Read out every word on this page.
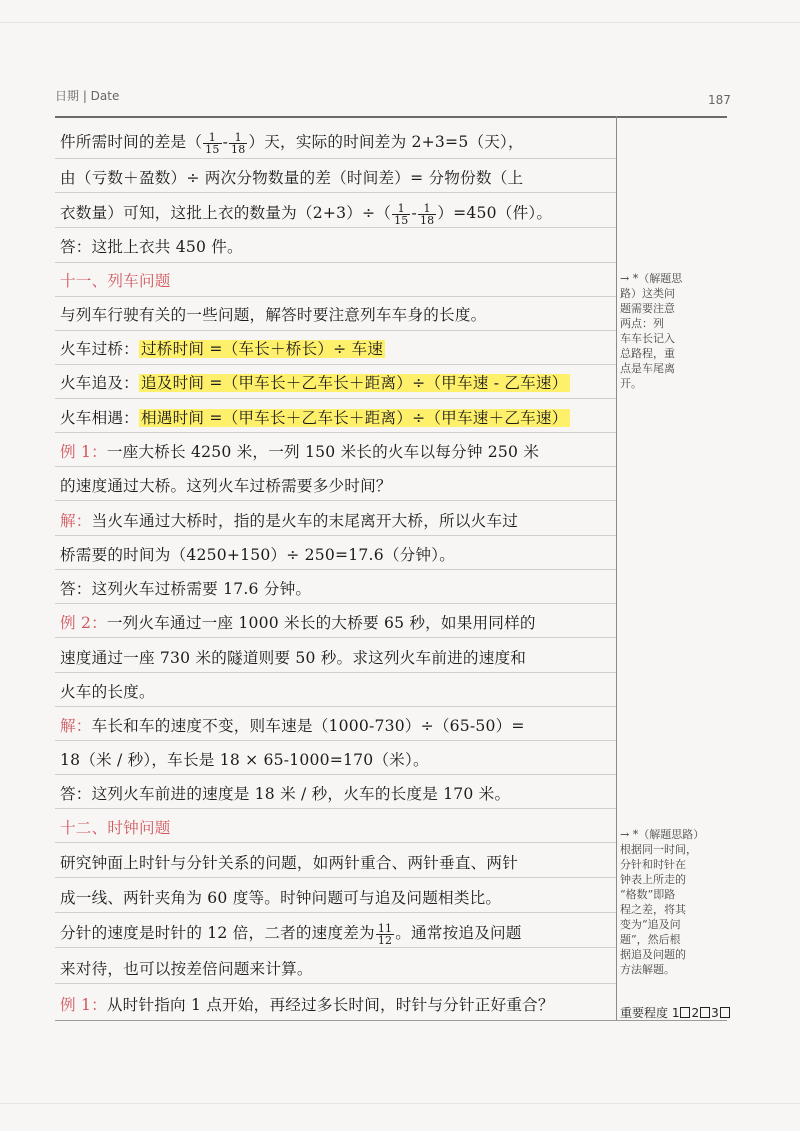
日期 | Date	187
件所需时间的差是（ $\frac{1}{15} - \frac{1}{18}$ ）天，实际的时间差为 2+3=5（天），
由（亏数＋盈数）÷ 两次分物数量的差（时间差）= 分物份数（上
衣数量）可知，这批上衣的数量为$(2+3)\div( \frac{1}{15} - \frac{1}{18} )=450$（件）。
答：这批上衣共 450 件。
十一、列车问题
与列车行驶有关的一些问题，解答时要注意列车车身的长度。
火车过桥： 过桥时间 =（车长＋桥长）÷ 车速
火车追及： 追及时间 =（甲车长＋乙车长＋距离）÷（甲车速 - 乙车速）
火车相遇： 相遇时间 =（甲车长＋乙车长＋距离）÷（甲车速＋乙车速）
例 1：一座大桥长 4250 米，一列 150 米长的火车以每分钟 250 米
的速度通过大桥。这列火车过桥需要多少时间？
解：当火车通过大桥时，指的是火车的末尾离开大桥，所以火车过
桥需要的时间为（4250+150）÷ 250=17.6（分钟）。
答：这列火车过桥需要 17.6 分钟。
例 2：一列火车通过一座 1000 米长的大桥要 65 秒，如果用同样的
速度通过一座 730 米的隧道则要 50 秒。求这列火车前进的速度和
火车的长度。
解：车长和车的速度不变，则车速是（1000-730）÷（65-50）=
18（米 / 秒），车长是 18 × 65-1000=170（米）。
答：这列火车前进的速度是 18 米 / 秒，火车的长度是 170 米。
十二、时钟问题
研究钟面上时针与分针关系的问题，如两针重合、两针垂直、两针
成一线、两针夹角为 60 度等。时钟问题可与追及问题相类比。
分针的速度是时针的 12 倍，二者的速度差为 $\frac{11}{12}$ 。通常按追及问题
来对待，也可以按差倍问题来计算。
例 1：从时针指向 1 点开始，再经过多长时间，时针与分针正好重合？
→ *（解题思
路）这类问
题需要注意
两点：列
车车长记入
总路程，重
点是车尾离
开。
→ *（解题思路）
根据同一时间，
分针和时针在
钟表上所走的
“格数”即路
程之差，将其
变为“追及问
题”，然后根
据追及问题的
方法解题。
重要程度 1 2 3
